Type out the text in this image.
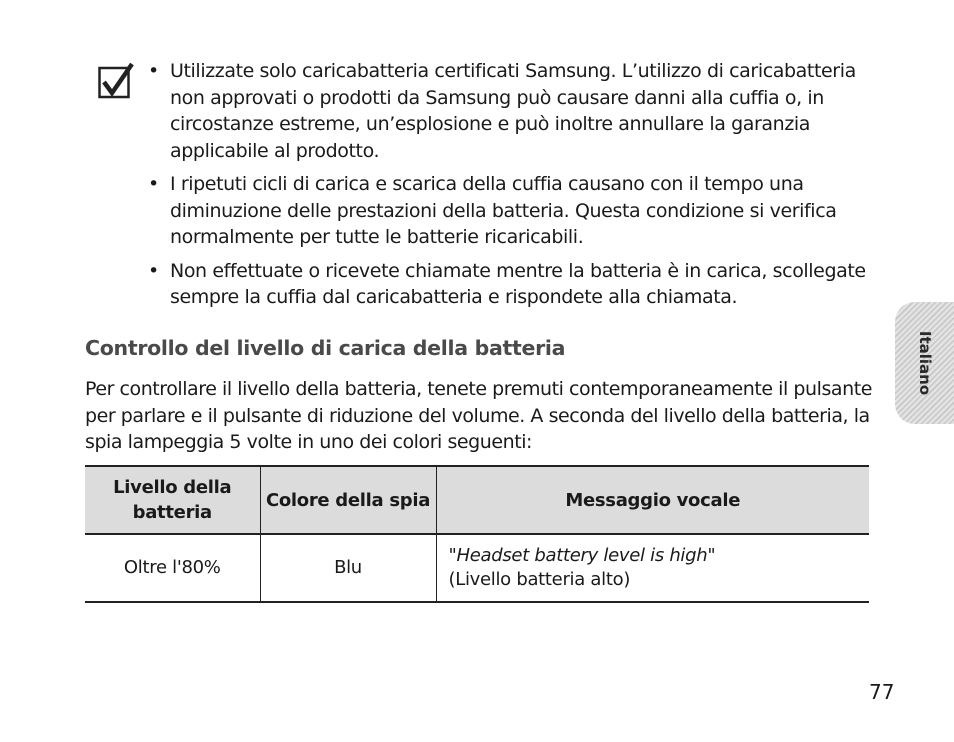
• Utilizzate solo caricabatteria certificati Samsung. L’utilizzo di caricabatteria non approvati o prodotti da Samsung può causare danni alla cuffia o, in circostanze estreme, un’esplosione e può inoltre annullare la garanzia applicabile al prodotto.
• I ripetuti cicli di carica e scarica della cuffia causano con il tempo una diminuzione delle prestazioni della batteria. Questa condizione si verifica normalmente per tutte le batterie ricaricabili.
• Non effettuate o ricevete chiamate mentre la batteria è in carica, scollegate sempre la cuffia dal caricabatteria e rispondete alla chiamata.
Controllo del livello di carica della batteria

Per controllare il livello della batteria, tenete premuti contemporaneamente il pulsante per parlare e il pulsante di riduzione del volume. A seconda del livello della batteria, la spia lampeggia 5 volte in uno dei colori seguenti:

Livello della batteria	Colore della spia	Messaggio vocale
Oltre l'80%	Blu	"Headset battery level is high"
(Livello batteria alto)
Italiano
77
